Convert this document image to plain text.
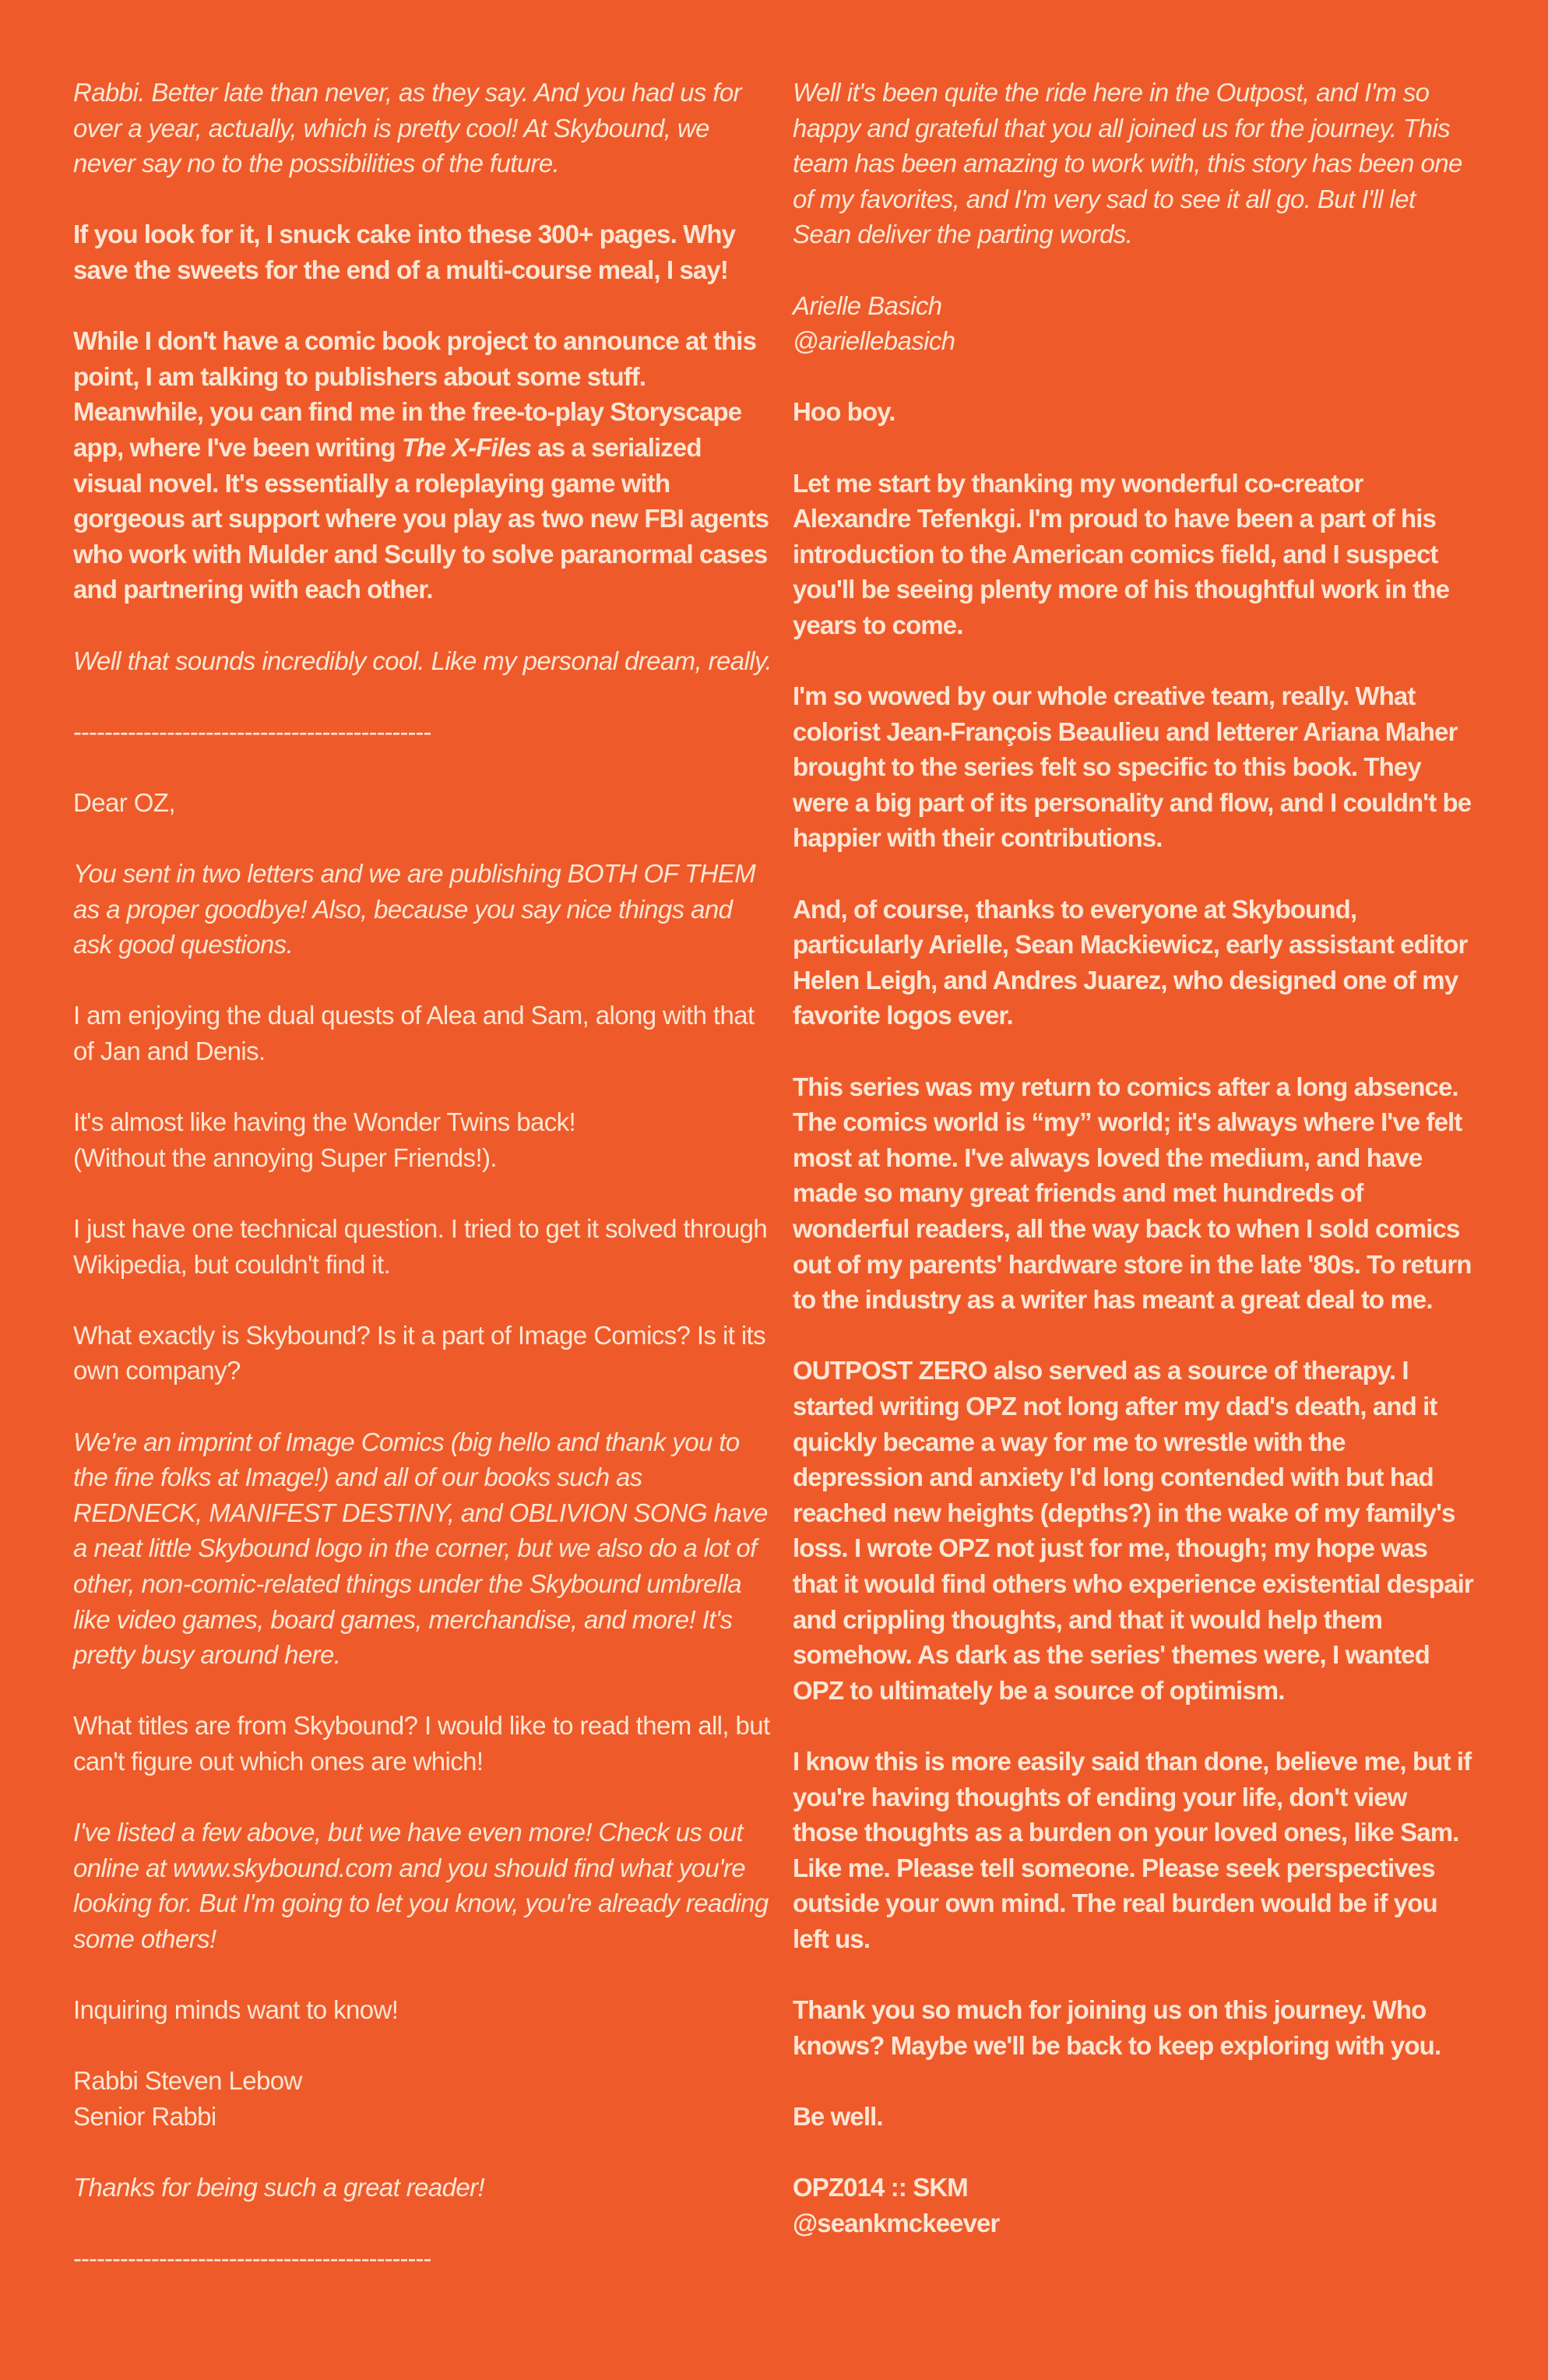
Rabbi. Better late than never, as they say. And you had us for over a year, actually, which is pretty cool! At Skybound, we never say no to the possibilities of the future.

If you look for it, I snuck cake into these 300+ pages. Why save the sweets for the end of a multi-course meal, I say!

While I don't have a comic book project to announce at this point, I am talking to publishers about some stuff. Meanwhile, you can find me in the free-to-play Storyscape app, where I've been writing The X-Files as a serialized visual novel. It's essentially a roleplaying game with gorgeous art support where you play as two new FBI agents who work with Mulder and Scully to solve paranormal cases and partnering with each other.

Well that sounds incredibly cool. Like my personal dream, really.

----------------------------------------------

Dear OZ,

You sent in two letters and we are publishing BOTH OF THEM as a proper goodbye! Also, because you say nice things and ask good questions.

I am enjoying the dual quests of Alea and Sam, along with that of Jan and Denis.

It's almost like having the Wonder Twins back!
(Without the annoying Super Friends!).

I just have one technical question. I tried to get it solved through Wikipedia, but couldn't find it.

What exactly is Skybound? Is it a part of Image Comics? Is it its own company?

We're an imprint of Image Comics (big hello and thank you to the fine folks at Image!) and all of our books such as REDNECK, MANIFEST DESTINY, and OBLIVION SONG have a neat little Skybound logo in the corner, but we also do a lot of other, non-comic-related things under the Skybound umbrella like video games, board games, merchandise, and more! It's pretty busy around here.

What titles are from Skybound? I would like to read them all, but can't figure out which ones are which!

I've listed a few above, but we have even more! Check us out online at www.skybound.com and you should find what you're looking for. But I'm going to let you know, you're already reading some others!

Inquiring minds want to know!

Rabbi Steven Lebow
Senior Rabbi

Thanks for being such a great reader!

----------------------------------------------

Well it's been quite the ride here in the Outpost, and I'm so happy and grateful that you all joined us for the journey. This team has been amazing to work with, this story has been one of my favorites, and I'm very sad to see it all go. But I'll let Sean deliver the parting words.

Arielle Basich
@ariellebasich

Hoo boy.

Let me start by thanking my wonderful co-creator Alexandre Tefenkgi. I'm proud to have been a part of his introduction to the American comics field, and I suspect you'll be seeing plenty more of his thoughtful work in the years to come.

I'm so wowed by our whole creative team, really. What colorist Jean-François Beaulieu and letterer Ariana Maher brought to the series felt so specific to this book. They were a big part of its personality and flow, and I couldn't be happier with their contributions.

And, of course, thanks to everyone at Skybound, particularly Arielle, Sean Mackiewicz, early assistant editor Helen Leigh, and Andres Juarez, who designed one of my favorite logos ever.

This series was my return to comics after a long absence. The comics world is “my” world; it's always where I've felt most at home. I've always loved the medium, and have made so many great friends and met hundreds of wonderful readers, all the way back to when I sold comics out of my parents' hardware store in the late '80s. To return to the industry as a writer has meant a great deal to me.

OUTPOST ZERO also served as a source of therapy. I started writing OPZ not long after my dad's death, and it quickly became a way for me to wrestle with the depression and anxiety I'd long contended with but had reached new heights (depths?) in the wake of my family's loss. I wrote OPZ not just for me, though; my hope was that it would find others who experience existential despair and crippling thoughts, and that it would help them somehow. As dark as the series' themes were, I wanted OPZ to ultimately be a source of optimism.

I know this is more easily said than done, believe me, but if you're having thoughts of ending your life, don't view those thoughts as a burden on your loved ones, like Sam. Like me. Please tell someone. Please seek perspectives outside your own mind. The real burden would be if you left us.

Thank you so much for joining us on this journey. Who knows? Maybe we'll be back to keep exploring with you.

Be well.

OPZ014 :: SKM
@seankmckeever
